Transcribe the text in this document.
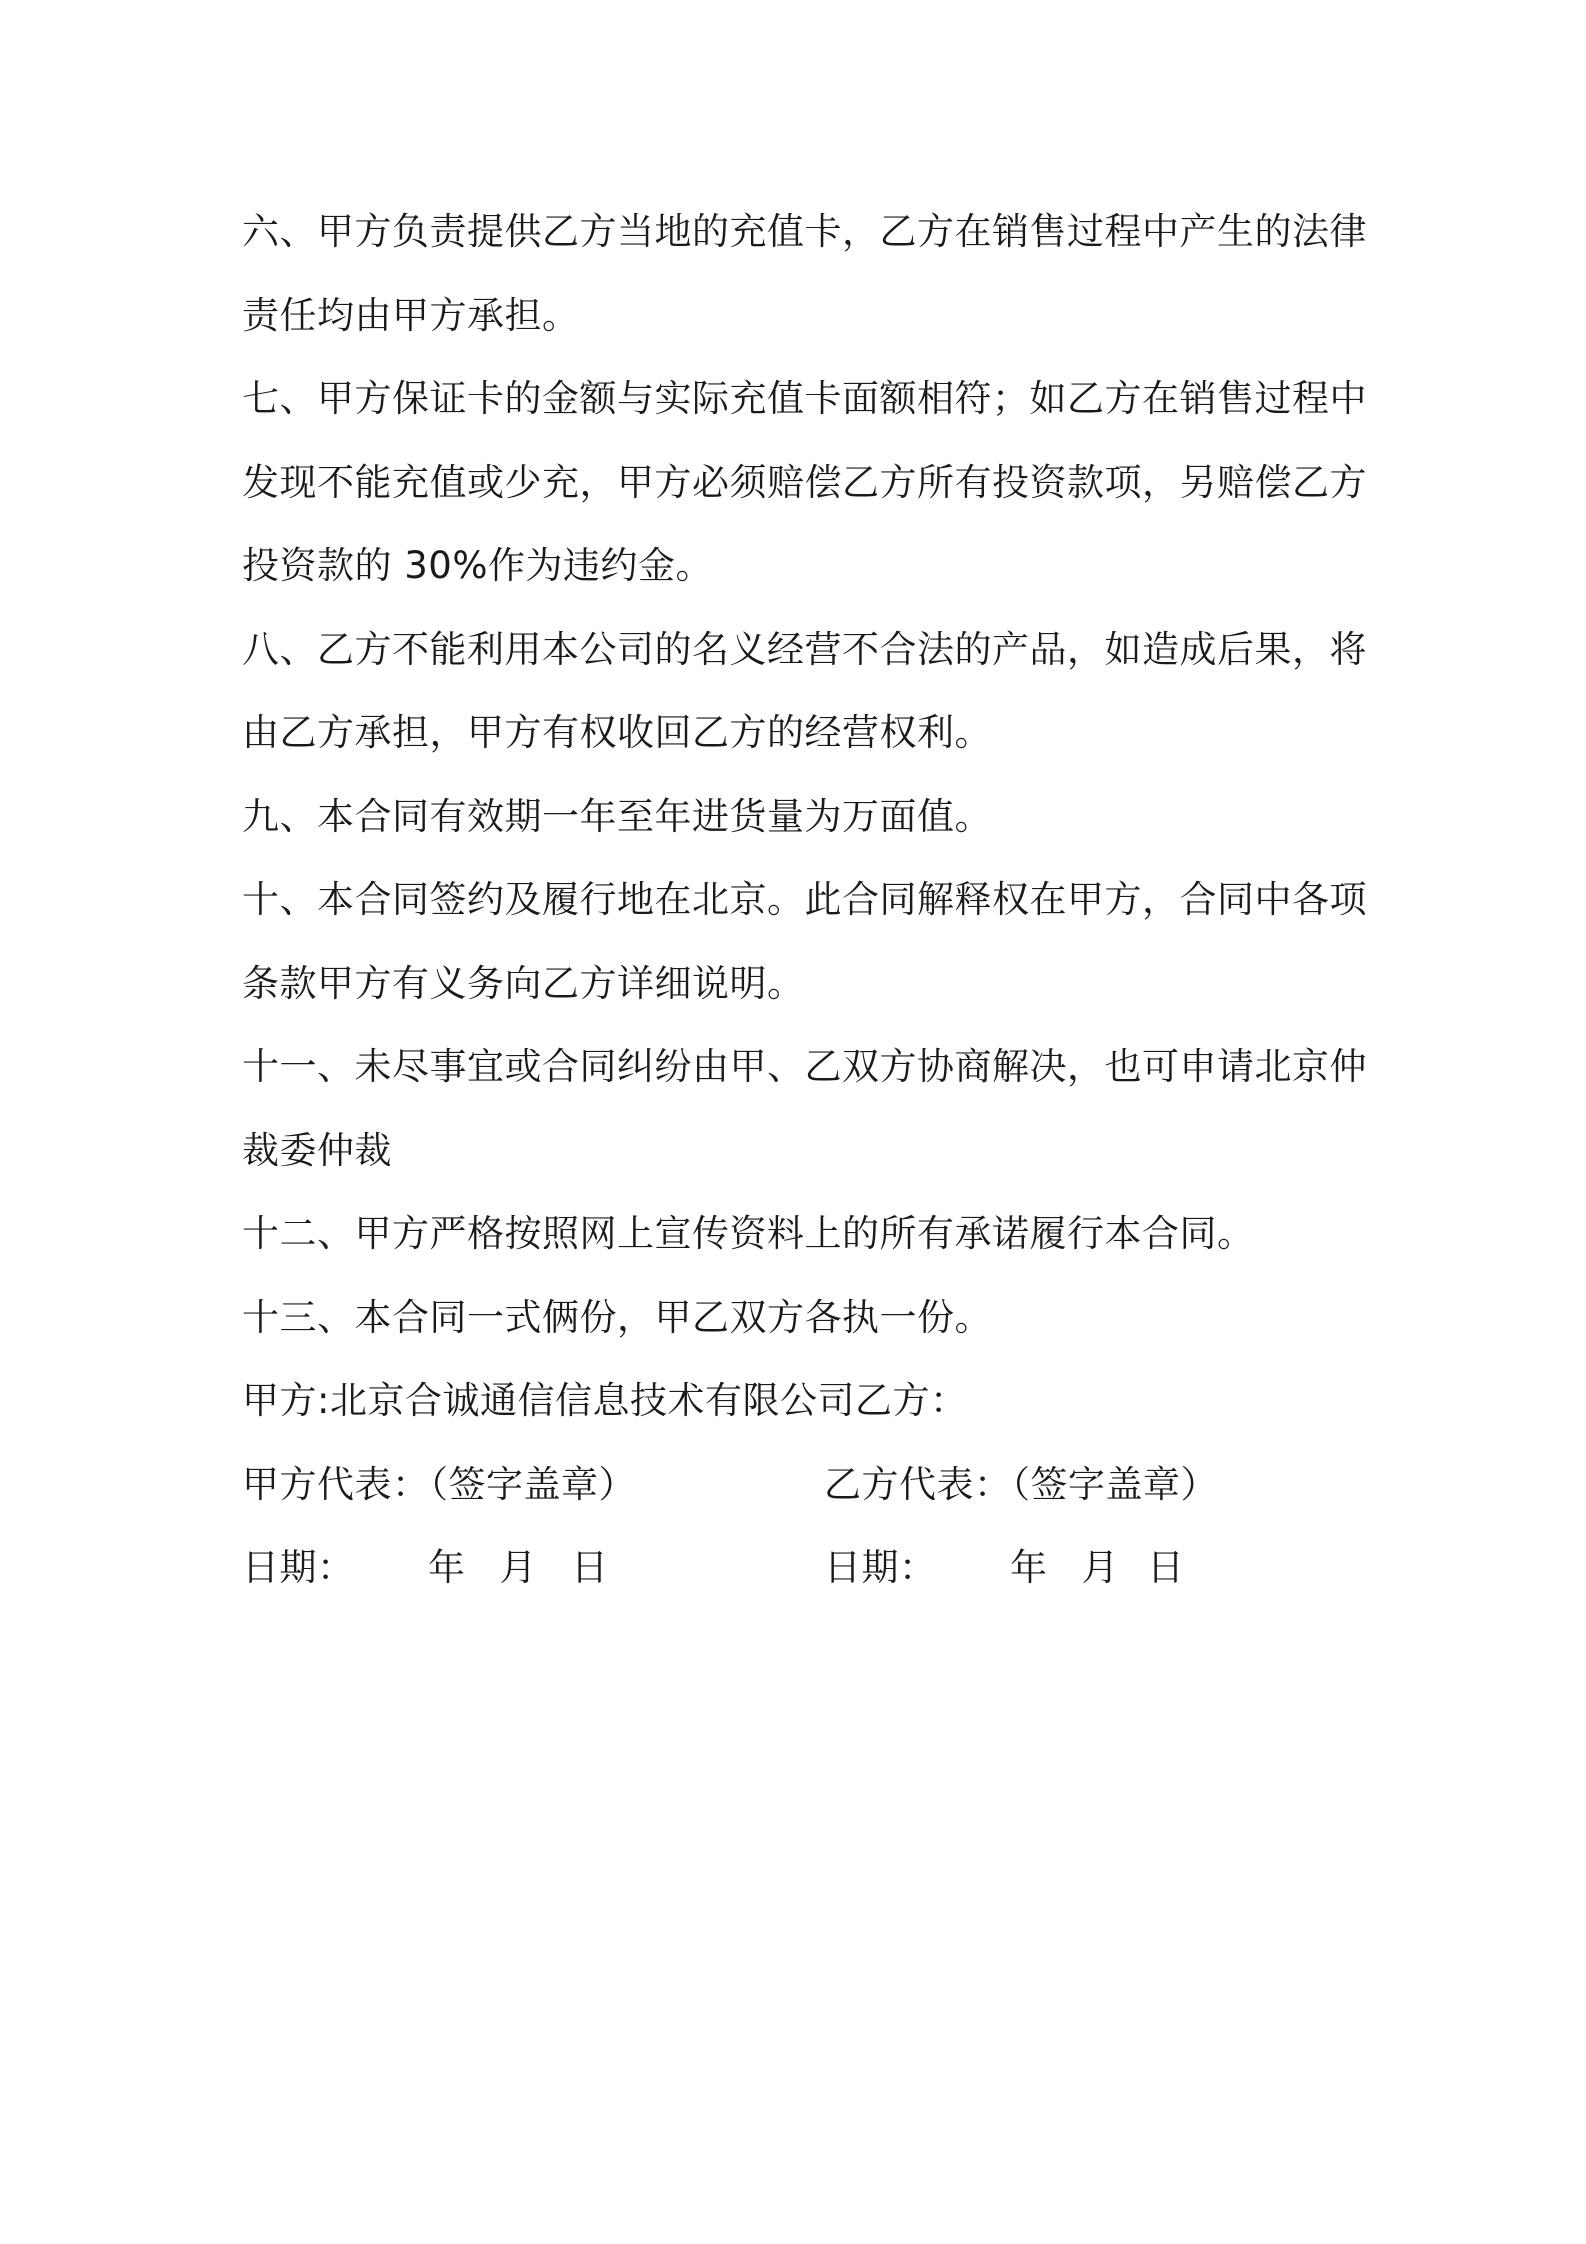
六、甲方负责提供乙方当地的充值卡，乙方在销售过程中产生的法律
责任均由甲方承担。
七、甲方保证卡的金额与实际充值卡面额相符；如乙方在销售过程中
发现不能充值或少充，甲方必须赔偿乙方所有投资款项，另赔偿乙方
投资款的 30%作为违约金。
八、乙方不能利用本公司的名义经营不合法的产品，如造成后果，将
由乙方承担，甲方有权收回乙方的经营权利。
九、本合同有效期一年至年进货量为万面值。
十、本合同签约及履行地在北京。此合同解释权在甲方，合同中各项
条款甲方有义务向乙方详细说明。
十一、未尽事宜或合同纠纷由甲、乙双方协商解决，也可申请北京仲
裁委仲裁
十二、甲方严格按照网上宣传资料上的所有承诺履行本合同。
十三、本合同一式俩份，甲乙双方各执一份。
甲方:北京合诚通信信息技术有限公司乙方：
甲方代表：（签字盖章）	乙方代表：（签字盖章）
日期： 年 月 日	日期： 年 月 日
